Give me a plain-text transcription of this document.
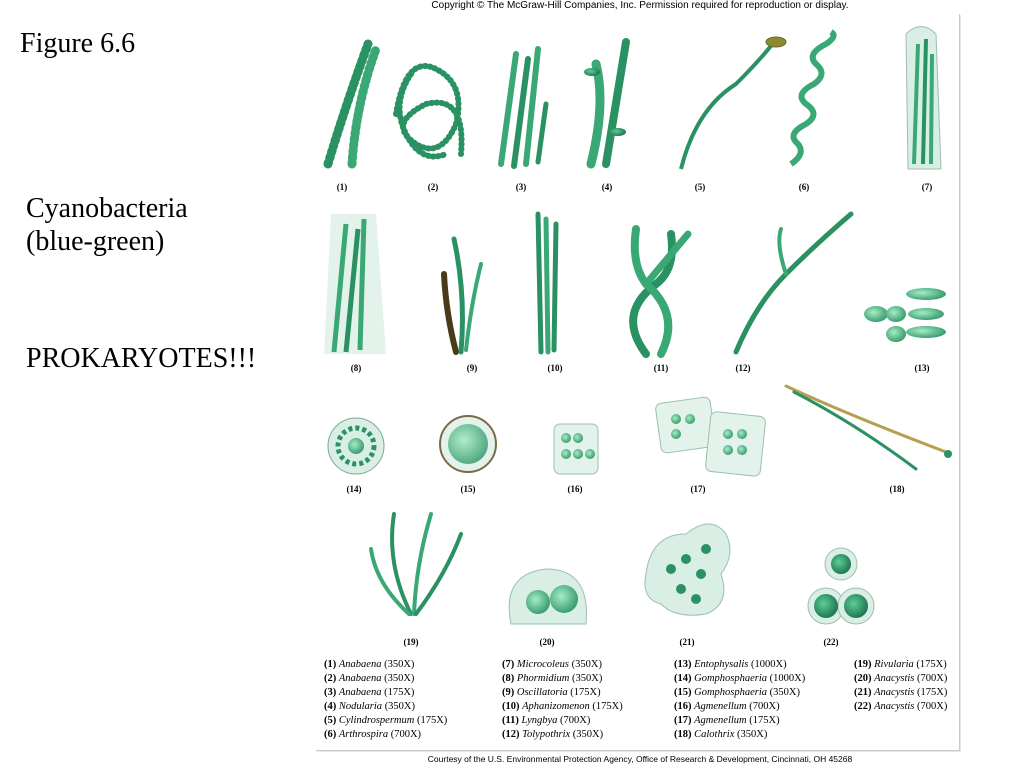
Figure 6.6
Cyanobacteria
(blue-green)
PROKARYOTES!!!
Copyright © The McGraw-Hill Companies, Inc. Permission required for reproduction or display.
(1)	(2)	(3)	(4)	(5)	(6)	(7)
(8)	(9)	(10)	(11)	(12)	(13)
(14)	(15)	(16)	(17)	(18)
(19)	(20)	(21)	(22)
(1) Anabaena (350X)
(2) Anabaena (350X)
(3) Anabaena (175X)
(4) Nodularia (350X)
(5) Cylindrospermum (175X)
(6) Arthrospira (700X)
(7) Microcoleus (350X)
(8) Phormidium (350X)
(9) Oscillatoria (175X)
(10) Aphanizomenon (175X)
(11) Lyngbya (700X)
(12) Tolypothrix (350X)
(13) Entophysalis (1000X)
(14) Gomphosphaeria (1000X)
(15) Gomphosphaeria (350X)
(16) Agmenellum (700X)
(17) Agmenellum (175X)
(18) Calothrix (350X)
(19) Rivularia (175X)
(20) Anacystis (700X)
(21) Anacystis (175X)
(22) Anacystis (700X)
Courtesy of the U.S. Environmental Protection Agency, Office of Research & Development, Cincinnati, OH 45268
